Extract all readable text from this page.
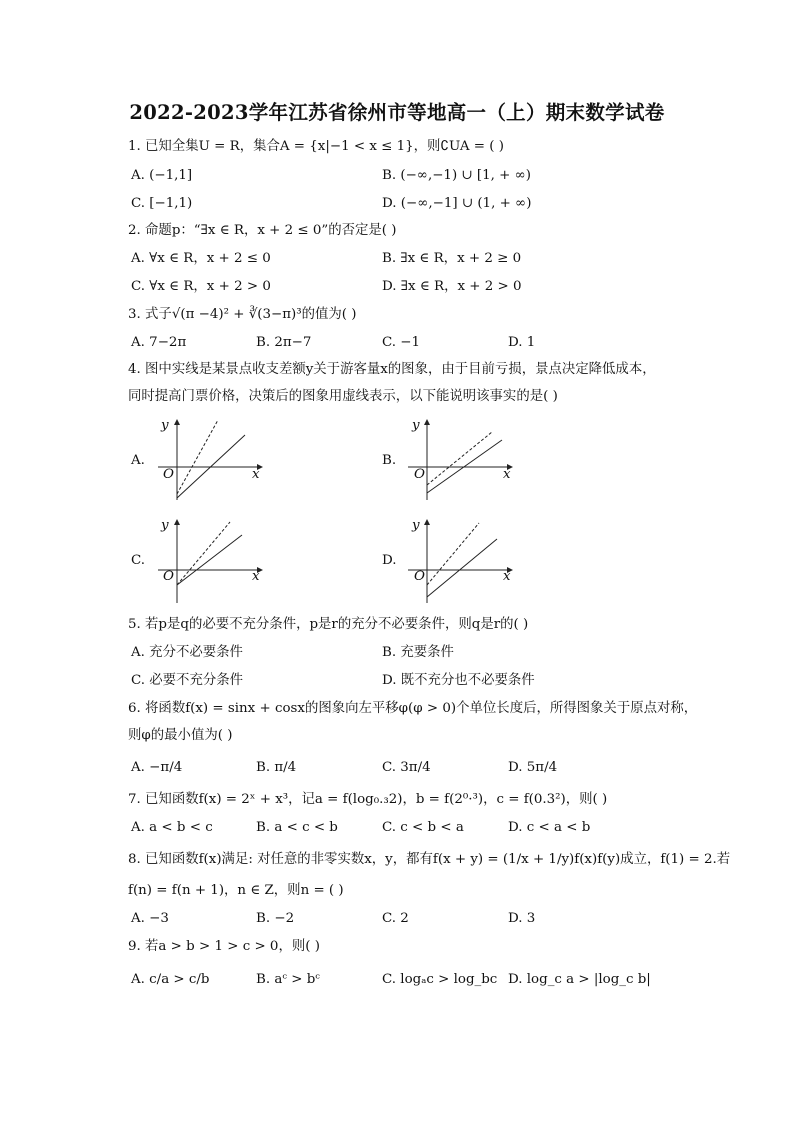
2022-2023学年江苏省徐州市等地高一（上）期末数学试卷
1. 已知全集U = R，集合A = {x|−1 < x ≤ 1}，则∁UA = ( )
A. (−1,1]	B. (−∞,−1) ∪ [1, + ∞)
C. [−1,1)	D. (−∞,−1] ∪ (1, + ∞)
2. 命题p：“∃x ∈ R，x + 2 ≤ 0”的否定是( )
A. ∀x ∈ R，x + 2 ≤ 0	B. ∃x ∈ R，x + 2 ≥ 0
C. ∀x ∈ R，x + 2 > 0	D. ∃x ∈ R，x + 2 > 0
3. 式子√(π −4)² + ∛(3−π)³的值为( )
A. 7−2π	B. 2π−7	C. −1	D. 1
4. 图中实线是某景点收支差额y关于游客量x的图象，由于目前亏损，景点决定降低成本，
同时提高门票价格，决策后的图象用虚线表示，以下能说明该事实的是( )
A.	B.
C.	D.
y
O	x
y
O	x
y
O	x
y
O	x
5. 若p是q的必要不充分条件，p是r的充分不必要条件，则q是r的( )
A. 充分不必要条件	B. 充要条件
C. 必要不充分条件	D. 既不充分也不必要条件
6. 将函数f(x) = sinx + cosx的图象向左平移φ(φ > 0)个单位长度后，所得图象关于原点对称，
则φ的最小值为( )
A. −π/4	B. π/4	C. 3π/4	D. 5π/4
7. 已知函数f(x) = 2ˣ + x³，记a = f(log₀.₃2)，b = f(2⁰·³)，c = f(0.3²)，则( )
A. a < b < c	B. a < c < b	C. c < b < a	D. c < a < b
8. 已知函数f(x)满足: 对任意的非零实数x，y，都有f(x + y) = (1/x + 1/y)f(x)f(y)成立，f(1) = 2.若
f(n) = f(n + 1)，n ∈ Z，则n = ( )
A. −3	B. −2	C. 2	D. 3
9. 若a > b > 1 > c > 0，则( )
A. c/a > c/b	B. aᶜ > bᶜ	C. logₐc > log_bc D. log_c a > |log_c b|
